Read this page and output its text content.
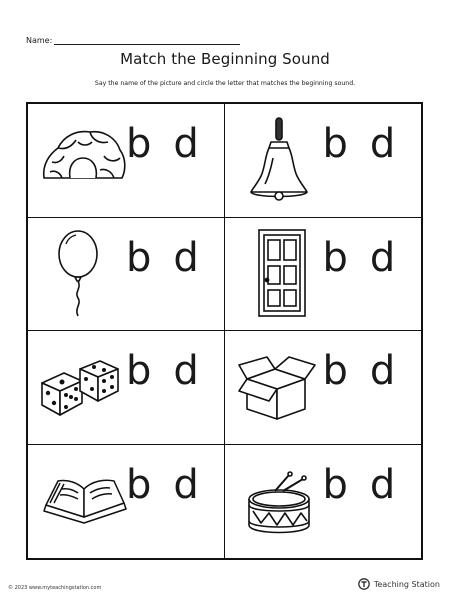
Name:
Match the Beginning Sound
Say the name of the picture and circle the letter that matches the beginning sound.
b d	b d
b d	b d
b d	b d
b d	b d
© 2023 www.myteachingstation.com	Teaching Station
